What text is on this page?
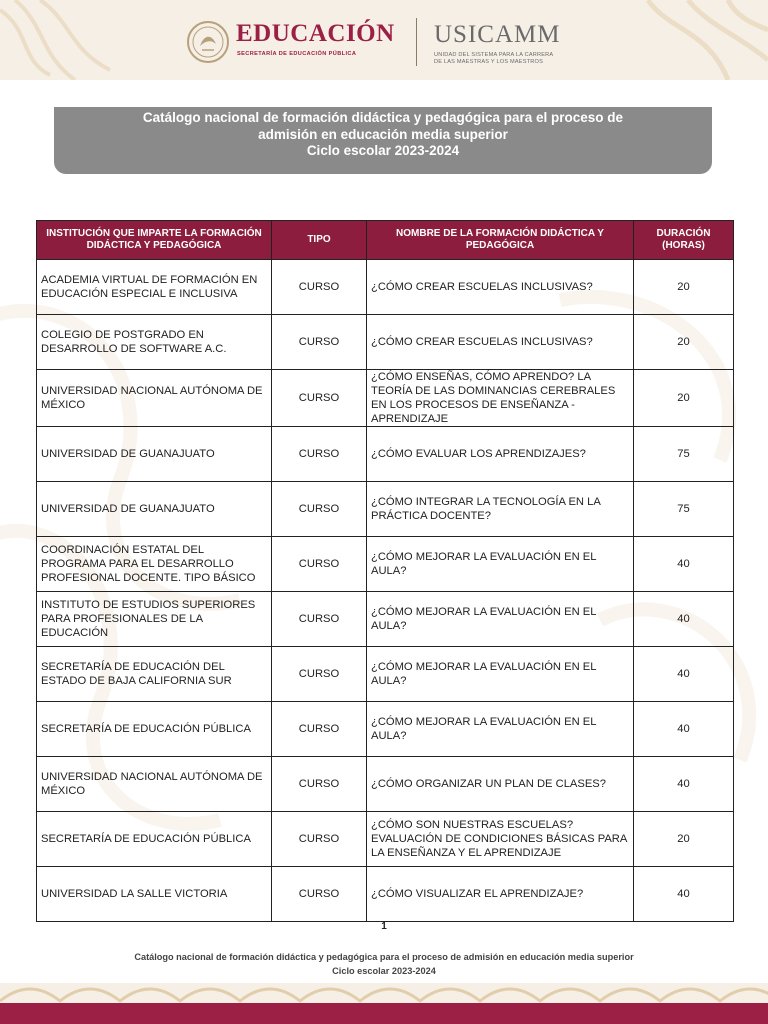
EDUCACIÓN
SECRETARÍA DE EDUCACIÓN PÚBLICA
USICAMM
UNIDAD DEL SISTEMA PARA LA CARRERA
DE LAS MAESTRAS Y LOS MAESTROS
Catálogo nacional de formación didáctica y pedagógica para el proceso de
admisión en educación media superior
Ciclo escolar 2023-2024
INSTITUCIÓN QUE IMPARTE LA FORMACIÓN DIDÁCTICA Y PEDAGÓGICA	TIPO	NOMBRE DE LA FORMACIÓN DIDÁCTICA Y PEDAGÓGICA	DURACIÓN (HORAS)
ACADEMIA VIRTUAL DE FORMACIÓN EN EDUCACIÓN ESPECIAL E INCLUSIVA	CURSO	¿CÓMO CREAR ESCUELAS INCLUSIVAS?	20
COLEGIO DE POSTGRADO EN DESARROLLO DE SOFTWARE A.C.	CURSO	¿CÓMO CREAR ESCUELAS INCLUSIVAS?	20
UNIVERSIDAD NACIONAL AUTÓNOMA DE MÉXICO	CURSO	¿CÓMO ENSEÑAS, CÓMO APRENDO? LA TEORÍA DE LAS DOMINANCIAS CEREBRALES EN LOS PROCESOS DE ENSEÑANZA - APRENDIZAJE	20
UNIVERSIDAD DE GUANAJUATO	CURSO	¿CÓMO EVALUAR LOS APRENDIZAJES?	75
UNIVERSIDAD DE GUANAJUATO	CURSO	¿CÓMO INTEGRAR LA TECNOLOGÍA EN LA PRÁCTICA DOCENTE?	75
COORDINACIÓN ESTATAL DEL PROGRAMA PARA EL DESARROLLO PROFESIONAL DOCENTE. TIPO BÁSICO	CURSO	¿CÓMO MEJORAR LA EVALUACIÓN EN EL AULA?	40
INSTITUTO DE ESTUDIOS SUPERIORES PARA PROFESIONALES DE LA EDUCACIÓN	CURSO	¿CÓMO MEJORAR LA EVALUACIÓN EN EL AULA?	40
SECRETARÍA DE EDUCACIÓN DEL ESTADO DE BAJA CALIFORNIA SUR	CURSO	¿CÓMO MEJORAR LA EVALUACIÓN EN EL AULA?	40
SECRETARÍA DE EDUCACIÓN PÚBLICA	CURSO	¿CÓMO MEJORAR LA EVALUACIÓN EN EL AULA?	40
UNIVERSIDAD NACIONAL AUTÓNOMA DE MÉXICO	CURSO	¿CÓMO ORGANIZAR UN PLAN DE CLASES?	40
SECRETARÍA DE EDUCACIÓN PÚBLICA	CURSO	¿CÓMO SON NUESTRAS ESCUELAS? EVALUACIÓN DE CONDICIONES BÁSICAS PARA LA ENSEÑANZA Y EL APRENDIZAJE	20
UNIVERSIDAD LA SALLE VICTORIA	CURSO	¿CÓMO VISUALIZAR EL APRENDIZAJE?	40
1
Catálogo nacional de formación didáctica y pedagógica para el proceso de admisión en educación media superior
Ciclo escolar 2023-2024
